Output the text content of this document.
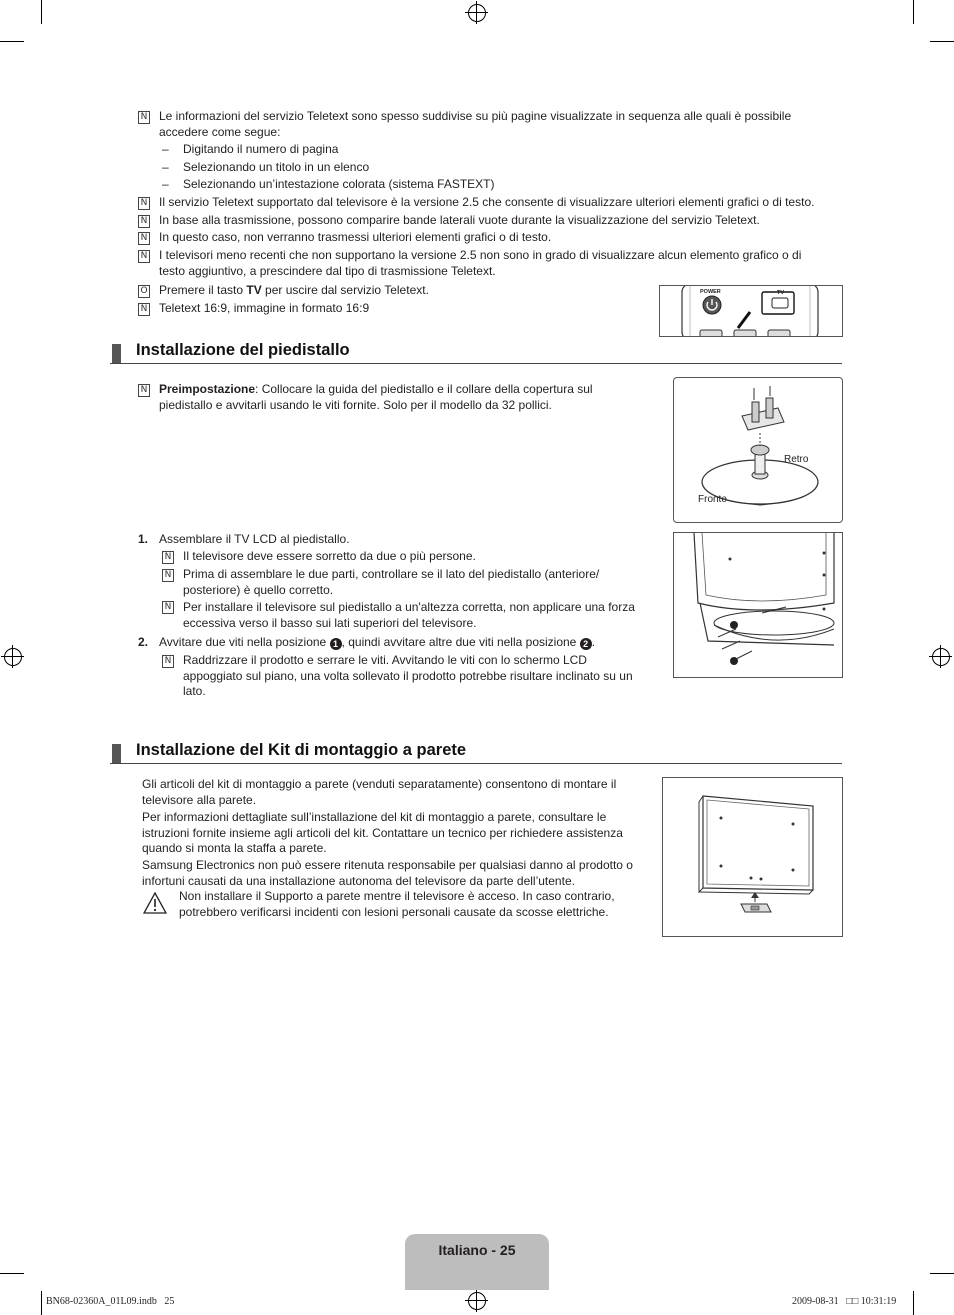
N Le informazioni del servizio Teletext sono spesso suddivise su più pagine visualizzate in sequenza alle quali è possibile
accedere come segue:
– Digitando il numero di pagina
– Selezionando un titolo in un elenco
– Selezionando un’intestazione colorata (sistema FASTEXT)
N Il servizio Teletext supportato dal televisore è la versione 2.5 che consente di visualizzare ulteriori elementi grafici o di testo.
N In base alla trasmissione, possono comparire bande laterali vuote durante la visualizzazione del servizio Teletext.
N In questo caso, non verranno trasmessi ulteriori elementi grafici o di testo.
N I televisori meno recenti che non supportano la versione 2.5 non sono in grado di visualizzare alcun elemento grafico o di
testo aggiuntivo, a prescindere dal tipo di trasmissione Teletext.
O Premere il tasto TV per uscire dal servizio Teletext.
N Teletext 16:9, immagine in formato 16:9
POWER	TV
Installazione del piedistallo
N Preimpostazione: Collocare la guida del piedistallo e il collare della copertura sul
piedistallo e avvitarli usando le viti fornite. Solo per il modello da 32 pollici.
Retro
Fronte
1. Assemblare il TV LCD al piedistallo.
N Il televisore deve essere sorretto da due o più persone.
N Prima di assemblare le due parti, controllare se il lato del piedistallo (anteriore/
posteriore) è quello corretto.
N Per installare il televisore sul piedistallo a un'altezza corretta, non applicare una forza
eccessiva verso il basso sui lati superiori del televisore.
2. Avvitare due viti nella posizione 1 , quindi avvitare altre due viti nella posizione 2 .
N Raddrizzare il prodotto e serrare le viti. Avvitando le viti con lo schermo LCD
appoggiato sul piano, una volta sollevato il prodotto potrebbe risultare inclinato su un
lato.
Installazione del Kit di montaggio a parete
Gli articoli del kit di montaggio a parete (venduti separatamente) consentono di montare il
televisore alla parete.
Per informazioni dettagliate sull’installazione del kit di montaggio a parete, consultare le
istruzioni fornite insieme agli articoli del kit. Contattare un tecnico per richiedere assistenza
quando si monta la staffa a parete.
Samsung Electronics non può essere ritenuta responsabile per qualsiasi danno al prodotto o
infortuni causati da una installazione autonoma del televisore da parte dell’utente.
Non installare il Supporto a parete mentre il televisore è acceso. In caso contrario,
potrebbero verificarsi incidenti con lesioni personali causate da scosse elettriche.
Italiano - 25
BN68-02360A_01L09.indb   25	2009-08-31   □□ 10:31:19
